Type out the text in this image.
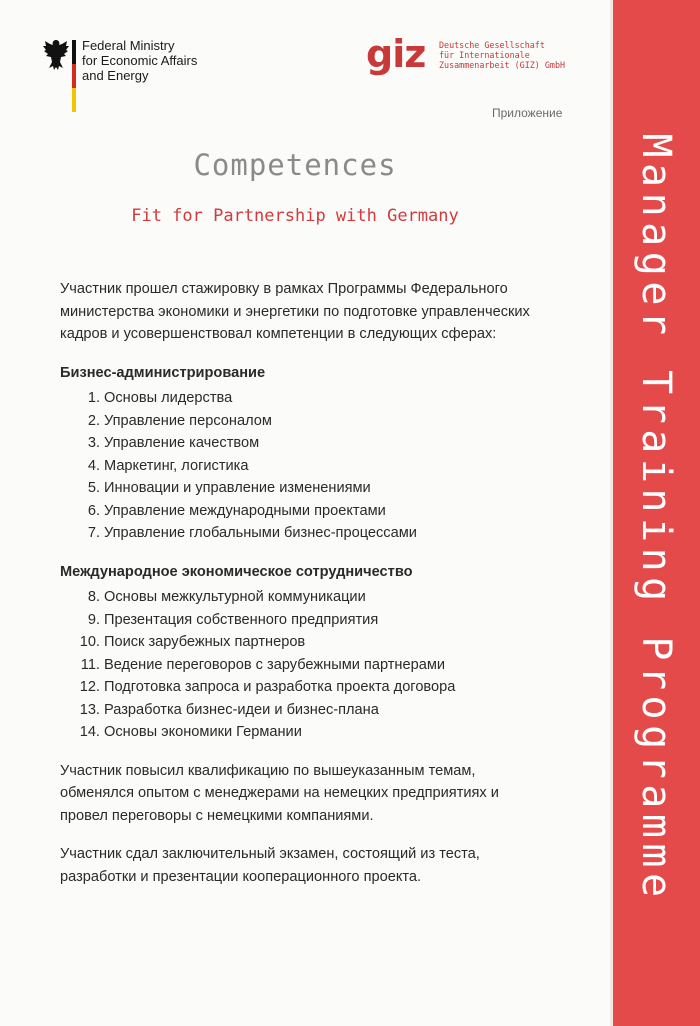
Federal Ministry
for Economic Affairs
and Energy	giz Deutsche Gesellschaft
für Internationale
Zusammenarbeit (GIZ) GmbH
Приложение
Competences
Fit for Partnership with Germany

Участник прошел стажировку в рамках Программы Федерального

министерства экономики и энергетики по подготовке управленческих

кадров и усовершенствовал компетенции в следующих сферах:

Бизнес-администрирование
1. Основы лидерства
2. Управление персоналом
3. Управление качеством
4. Маркетинг, логистика
5. Инновации и управление изменениями
6. Управление международными проектами
7. Управление глобальными бизнес-процессами
Международное экономическое сотрудничество
8. Основы межкультурной коммуникации
9. Презентация собственного предприятия
10. Поиск зарубежных партнеров
11. Ведение переговоров с зарубежными партнерами
12. Подготовка запроса и разработка проекта договора
13. Разработка бизнес-идеи и бизнес-плана
14. Основы экономики Германии

Участник повысил квалификацию по вышеуказанным темам,

обменялся опытом с менеджерами на немецких предприятиях и

провел переговоры с немецкими компаниями.

Участник сдал заключительный экзамен, состоящий из теста,

разработки и презентации кооперационного проекта.	Manager Training Programme
